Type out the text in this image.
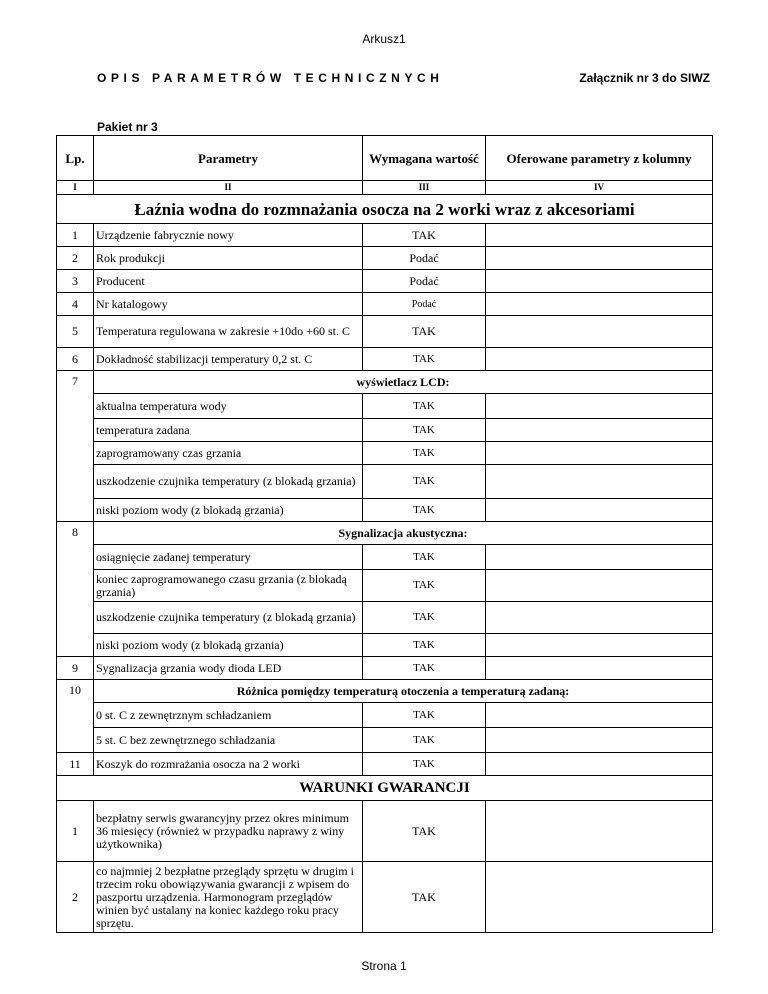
Arkusz1
OPIS PARAMETRÓW TECHNICZNYCH	Załącznik nr 3 do SIWZ
Pakiet nr 3
Lp.	Parametry	Wymagana wartość	Oferowane parametry z kolumny
I	II	III	IV
Łaźnia wodna do rozmnażania osocza na 2 worki wraz z akcesoriami			
1	Urządzenie fabrycznie nowy	TAK	
2	Rok produkcji	Podać	
3	Producent	Podać	
4	Nr katalogowy	Podać	
5	Temperatura regulowana w zakresie +10do +60 st. C	TAK	
6	Dokładność stabilizacji temperatury 0,2 st. C	TAK	
7	wyświetlacz LCD:		
	aktualna temperatura wody	TAK	
	temperatura zadana	TAK	
	zaprogramowany czas grzania	TAK	
	uszkodzenie czujnika temperatury (z blokadą grzania)	TAK	
	niski poziom wody (z blokadą grzania)	TAK	
8	Sygnalizacja akustyczna:		
	osiągnięcie zadanej temperatury	TAK	
	koniec zaprogramowanego czasu grzania (z blokadą grzania)	TAK	
	uszkodzenie czujnika temperatury (z blokadą grzania)	TAK	
	niski poziom wody (z blokadą grzania)	TAK	
9	Sygnalizacja grzania wody dioda LED	TAK	
10	Różnica pomiędzy temperaturą otoczenia a temperaturą zadaną:		
	0 st. C z zewnętrznym schładzaniem	TAK	
	5 st. C bez zewnętrznego schładzania	TAK	
11	Koszyk do rozmrażania osocza na 2 worki	TAK	
WARUNKI GWARANCJI			
1	bezpłatny serwis gwarancyjny przez okres minimum 36 miesięcy (również w przypadku naprawy z winy użytkownika)	TAK	
2	co najmniej 2 bezpłatne przeglądy sprzętu w drugim i trzecim roku obowiązywania gwarancji z wpisem do paszportu urządzenia. Harmonogram przeglądów winien być ustalany na koniec każdego roku pracy sprzętu.	TAK	
Strona 1
